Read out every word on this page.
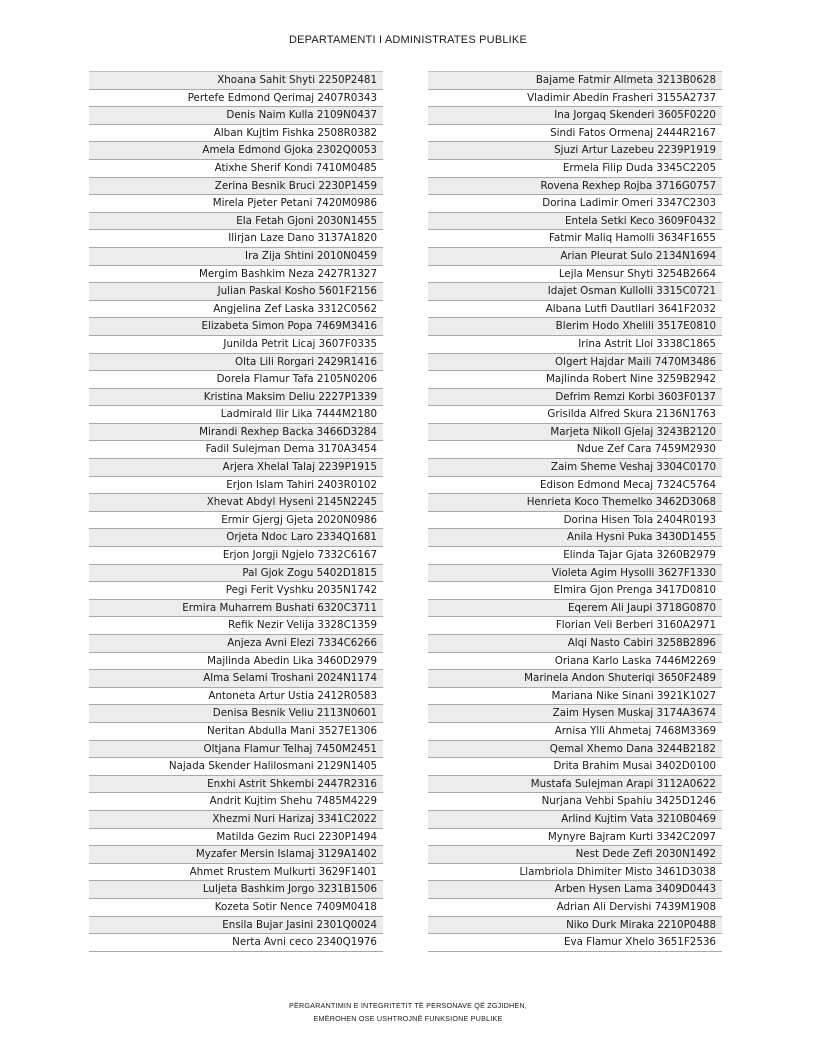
DEPARTAMENTI I ADMINISTRATES PUBLIKE
Xhoana Sahit Shyti 2250P2481
Pertefe Edmond Qerimaj 2407R0343
Denis Naim Kulla 2109N0437
Alban Kujtim Fishka 2508R0382
Amela Edmond Gjoka 2302Q0053
Atixhe Sherif Kondi 7410M0485
Zerina Besnik Bruci 2230P1459
Mirela Pjeter Petani 7420M0986
Ela Fetah Gjoni 2030N1455
Ilirjan Laze Dano 3137A1820
Ira Zija Shtini 2010N0459
Mergim Bashkim Neza 2427R1327
Julian Paskal Kosho 5601F2156
Angjelina Zef Laska 3312C0562
Elizabeta Simon Popa 7469M3416
Junilda Petrit Licaj 3607F0335
Olta Lili Rorgari 2429R1416
Dorela Flamur Tafa 2105N0206
Kristina Maksim Deliu 2227P1339
Ladmirald Ilir Lika 7444M2180
Mirandi Rexhep Backa 3466D3284
Fadil Sulejman Dema 3170A3454
Arjera Xhelal Talaj 2239P1915
Erjon Islam Tahiri 2403R0102
Xhevat Abdyl Hyseni 2145N2245
Ermir Gjergj Gjeta 2020N0986
Orjeta Ndoc Laro 2334Q1681
Erjon Jorgji Ngjelo 7332C6167
Pal Gjok Zogu 5402D1815
Pegi Ferit Vyshku 2035N1742
Ermira Muharrem Bushati 6320C3711
Refik Nezir Velija 3328C1359
Anjeza Avni Elezi 7334C6266
Majlinda Abedin Lika 3460D2979
Alma Selami Troshani 2024N1174
Antoneta Artur Ustia 2412R0583
Denisa Besnik Veliu 2113N0601
Neritan Abdulla Mani 3527E1306
Oltjana Flamur Telhaj 7450M2451
Najada Skender Halilosmani 2129N1405
Enxhi Astrit Shkembi 2447R2316
Andrit Kujtim Shehu 7485M4229
Xhezmi Nuri Harizaj 3341C2022
Matilda Gezim Ruci 2230P1494
Myzafer Mersin Islamaj 3129A1402
Ahmet Rrustem Mulkurti 3629F1401
Luljeta Bashkim Jorgo 3231B1506
Kozeta Sotir Nence 7409M0418
Ensila Bujar Jasini 2301Q0024
Nerta Avni ceco 2340Q1976
Bajame Fatmir Allmeta 3213B0628
Vladimir Abedin Frasheri 3155A2737
Ina Jorgaq Skenderi 3605F0220
Sindi Fatos Ormenaj 2444R2167
Sjuzi Artur Lazebeu 2239P1919
Ermela Filip Duda 3345C2205
Rovena Rexhep Rojba 3716G0757
Dorina Ladimir Omeri 3347C2303
Entela Setki Keco 3609F0432
Fatmir Maliq Hamolli 3634F1655
Arian Pleurat Sulo 2134N1694
Lejla Mensur Shyti 3254B2664
Idajet Osman Kullolli 3315C0721
Albana Lutfi Dautllari 3641F2032
Blerim Hodo Xhelili 3517E0810
Irina Astrit Lloi 3338C1865
Olgert Hajdar Maili 7470M3486
Majlinda Robert Nine 3259B2942
Defrim Remzi Korbi 3603F0137
Grisilda Alfred Skura 2136N1763
Marjeta Nikoll Gjelaj 3243B2120
Ndue Zef Cara 7459M2930
Zaim Sheme Veshaj 3304C0170
Edison Edmond Mecaj 7324C5764
Henrieta Koco Themelko 3462D3068
Dorina Hisen Tola 2404R0193
Anila Hysni Puka 3430D1455
Elinda Tajar Gjata 3260B2979
Violeta Agim Hysolli 3627F1330
Elmira Gjon Prenga 3417D0810
Eqerem Ali Jaupi 3718G0870
Florian Veli Berberi 3160A2971
Alqi Nasto Cabiri 3258B2896
Oriana Karlo Laska 7446M2269
Marinela Andon Shuteriqi 3650F2489
Mariana Nike Sinani 3921K1027
Zaim Hysen Muskaj 3174A3674
Arnisa Ylli Ahmetaj 7468M3369
Qemal Xhemo Dana 3244B2182
Drita Brahim Musai 3402D0100
Mustafa Sulejman Arapi 3112A0622
Nurjana Vehbi Spahiu 3425D1246
Arlind Kujtim Vata 3210B0469
Mynyre Bajram Kurti 3342C2097
Nest Dede Zefi 2030N1492
Llambriola Dhimiter Misto 3461D3038
Arben Hysen Lama 3409D0443
Adrian Ali Dervishi 7439M1908
Niko Durk Miraka 2210P0488
Eva Flamur Xhelo 3651F2536
PËRGARANTIMIN E INTEGRITETIT TË PERSONAVE QË ZGJIDHEN,
EMËROHEN OSE USHTROJNË FUNKSIONE PUBLIKE
